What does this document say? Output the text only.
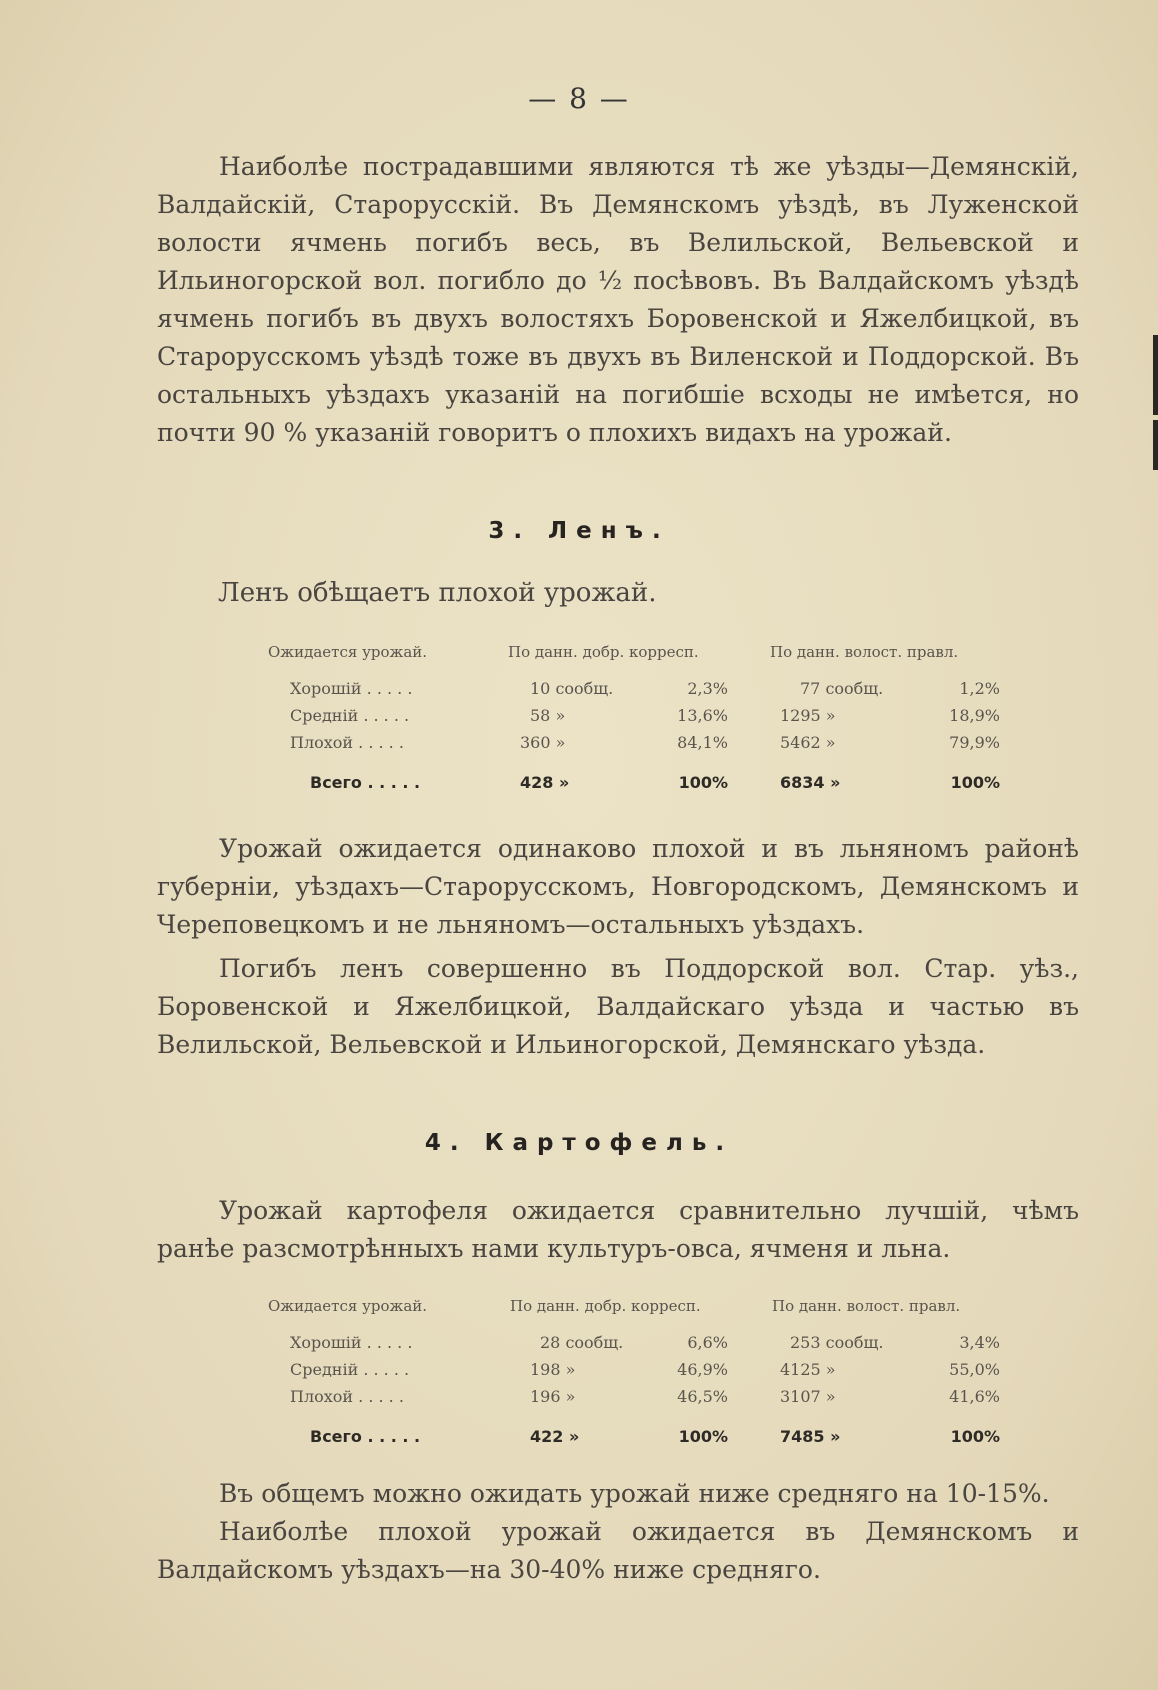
— 8 —

Наиболѣе пострадавшими являются тѣ же уѣзды—Демянскій, Валдайскій, Старорусскій. Въ Демянскомъ уѣздѣ, въ Луженской волости ячмень погибъ весь, въ Велильской, Вельевской и Ильиногорской вол. погибло до ½ посѣвовъ. Въ Валдайскомъ уѣздѣ ячмень погибъ въ двухъ волостяхъ Боровенской и Яжелбицкой, въ Старорусскомъ уѣздѣ тоже въ двухъ въ Виленской и Поддорской. Въ остальныхъ уѣздахъ указаній на погибшіе всходы не имѣется, но почти 90 % указаній говоритъ о плохихъ видахъ на урожай.

3. Ленъ.

Ленъ обѣщаетъ плохой урожай.

Ожидается урожай.	По данн. добр. корресп.	По данн. волост. правл.
Хорошій . . . . .	10 сообщ.	2,3%	77 сообщ.	1,2%
Средній . . . . .	58 »	13,6%	1295 »	18,9%
Плохой . . . . .	360 »	84,1%	5462 »	79,9%
Всего . . . . .	428 »	100%	6834 »	100%

Урожай ожидается одинаково плохой и въ льняномъ районѣ губерніи, уѣздахъ—Старорусскомъ, Новгородскомъ, Демянскомъ и Череповецкомъ и не льняномъ—остальныхъ уѣздахъ.

Погибъ ленъ совершенно въ Поддорской вол. Стар. уѣз., Боровенской и Яжелбицкой, Валдайскаго уѣзда и частью въ Велильской, Вельевской и Ильиногорской, Демянскаго уѣзда.

4. Картофель.

Урожай картофеля ожидается сравнительно лучшій, чѣмъ ранѣе разсмотрѣнныхъ нами культуръ-овса, ячменя и льна.

Ожидается урожай.	По данн. добр. корресп.	По данн. волост. правл.
Хорошій . . . . .	28 сообщ.	6,6%	253 сообщ.	3,4%
Средній . . . . .	198 »	46,9%	4125 »	55,0%
Плохой . . . . .	196 »	46,5%	3107 »	41,6%
Всего . . . . .	422 »	100%	7485 »	100%

Въ общемъ можно ожидать урожай ниже средняго на 10-15%.

Наиболѣе плохой урожай ожидается въ Демянскомъ и Валдайскомъ уѣздахъ—на 30-40% ниже средняго.
